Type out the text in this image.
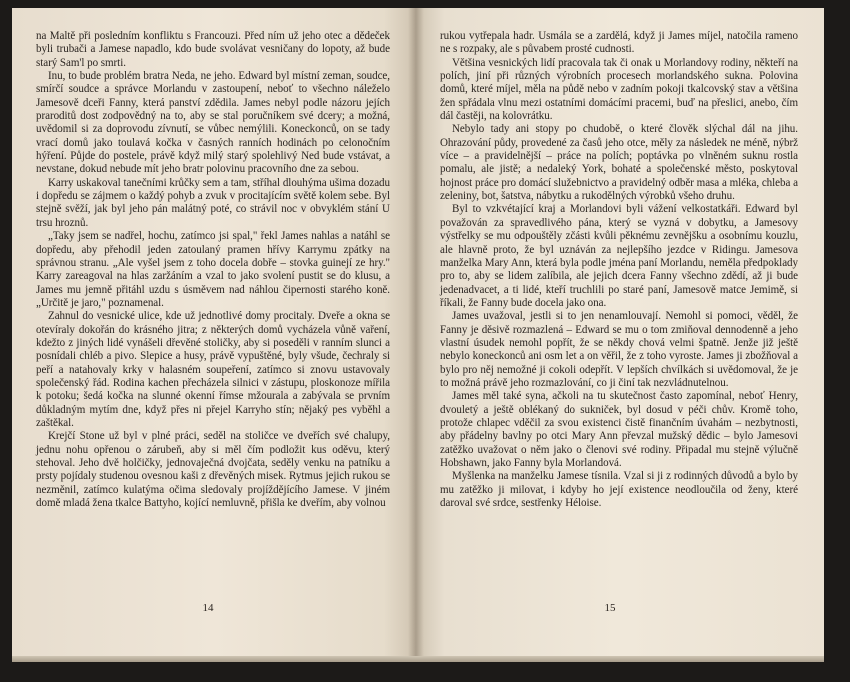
na Maltě při posledním konfliktu s Francouzi. Před ním už jeho otec a dědeček byli trubači a Jamese napadlo, kdo bude svolávat vesničany do lopoty, až bude starý Sam'l po smrti.

Inu, to bude problém bratra Neda, ne jeho. Edward byl místní zeman, soudce, smírčí soudce a správce Morlandu v zastoupení, neboť to všechno náleželo Jamesově dceři Fanny, která panství zdědila. James nebyl podle názoru jejích praroditů dost zodpovědný na to, aby se stal poručníkem své dcery; a možná, uvědomil si za doprovodu zívnutí, se vůbec nemýlili. Koneckonců, on se tady vrací domů jako toulavá kočka v časných ranních hodinách po celonočním hýření. Půjde do postele, právě když milý starý spolehlivý Ned bude vstávat, a nevstane, dokud nebude mít jeho bratr polovinu pracovního dne za sebou.

Karry uskakoval tanečními krůčky sem a tam, stříhal dlouhýma ušima dozadu i dopředu se zájmem o každý pohyb a zvuk v procitajícím světě kolem sebe. Byl stejně svěží, jak byl jeho pán malátný poté, co strávil noc v obvyklém stání U trsu hroznů.

„Taky jsem se nadřel, hochu, zatímco jsi spal," řekl James nahlas a natáhl se dopředu, aby přehodil jeden zatoulaný pramen hřívy Karrymu zpátky na správnou stranu. „Ale vyšel jsem z toho docela dobře – stovka guinejí ze hry." Karry zareagoval na hlas zaržáním a vzal to jako svolení pustit se do klusu, a James mu jemně přitáhl uzdu s úsměvem nad náhlou čipernosti starého koně. „Určitě je jaro," poznamenal.

Zahnul do vesnické ulice, kde už jednotlivé domy procitaly. Dveře a okna se otevíraly dokořán do krásného jitra; z některých domů vycházela vůně vaření, kdežto z jiných lidé vynášeli dřevěné stoličky, aby si poseděli v ranním slunci a posnídali chléb a pivo. Slepice a husy, právě vypuštěné, byly všude, čechraly si peří a natahovaly krky v halasném soupeření, zatímco si znovu ustavovaly společenský řád. Rodina kachen přecházela silnici v zástupu, ploskonoze mířila k potoku; šedá kočka na slunné okenní římse mžourala a zabývala se prvním důkladným mytím dne, když přes ni přejel Karryho stín; nějaký pes vyběhl a zaštěkal.

Krejčí Stone už byl v plné práci, seděl na stoličce ve dveřích své chalupy, jednu nohu opřenou o zárubeň, aby si měl čím podložit kus oděvu, který stehoval. Jeho dvě holčičky, jednovaječná dvojčata, seděly venku na patníku a prsty pojídaly studenou ovesnou kaši z dřevěných misek. Rytmus jejich rukou se nezměnil, zatímco kulatýma očima sledovaly projíždějícího Jamese. V jiném domě mladá žena tkalce Battyho, kojící nemluvně, přišla ke dveřím, aby volnou

14

rukou vytřepala hadr. Usmála se a zardělá, když ji James míjel, natočila rameno ne s rozpaky, ale s půvabem prosté cudnosti.

Většina vesnických lidí pracovala tak či onak u Morlandovy rodiny, někteří na polích, jiní při různých výrobních procesech morlandského sukna. Polovina domů, které míjel, měla na půdě nebo v zadním pokoji tkalcovský stav a většina žen spřádala vlnu mezi ostatními domácími pracemi, buď na přeslici, anebo, čím dál častěji, na kolovrátku.

Nebylo tady ani stopy po chudobě, o které člověk slýchal dál na jihu. Ohrazování půdy, provedené za časů jeho otce, měly za následek ne méně, nýbrž více – a pravidelnější – práce na polích; poptávka po vlněném suknu rostla pomalu, ale jistě; a nedaleký York, bohaté a společenské město, poskytoval hojnost práce pro domácí služebnictvo a pravidelný odběr masa a mléka, chleba a zeleniny, bot, šatstva, nábytku a rukodělných výrobků všeho druhu.

Byl to vzkvétající kraj a Morlandovi byli vážení velkostatkáři. Edward byl považován za spravedlivého pána, který se vyzná v dobytku, a Jamesovy výstřelky se mu odpouštěly zčásti kvůli pěknému zevnějšku a osobnímu kouzlu, ale hlavně proto, že byl uznáván za nejlepšího jezdce v Ridingu. Jamesova manželka Mary Ann, která byla podle jména paní Morlandu, neměla předpoklady pro to, aby se lidem zalíbila, ale jejich dcera Fanny všechno zdědí, až ji bude jedenadvacet, a ti lidé, kteří truchlili po staré paní, Jamesově matce Jemimě, si říkali, že Fanny bude docela jako ona.

James uvažoval, jestli si to jen nenamlouvají. Nemohl si pomoci, věděl, že Fanny je děsivě rozmazlená – Edward se mu o tom zmiňoval dennodenně a jeho vlastní úsudek nemohl popřít, že se někdy chová velmi špatně. Jenže již ještě nebylo koneckonců ani osm let a on věřil, že z toho vyroste. James ji zbožňoval a bylo pro něj nemožné ji cokoli odepřít. V lepších chvílkách si uvědomoval, že je to možná právě jeho rozmazlování, co ji činí tak nezvládnutelnou.

James měl také syna, ačkoli na tu skutečnost často zapomínal, neboť Henry, dvouletý a ještě oblékaný do sukniček, byl dosud v péči chův. Kromě toho, protože chlapec vděčil za svou existenci čistě finančním úvahám – nezbytnosti, aby přádelny bavlny po otci Mary Ann převzal mužský dědic – bylo Jamesovi zatěžko uvažovat o něm jako o členovi své rodiny. Připadal mu stejně výlučně Hobshawn, jako Fanny byla Morlandová.

Myšlenka na manželku Jamese tísnila. Vzal si ji z rodinných důvodů a bylo by mu zatěžko ji milovat, i kdyby ho její existence neodloučila od ženy, které daroval své srdce, sestřenky Héloise.

15
